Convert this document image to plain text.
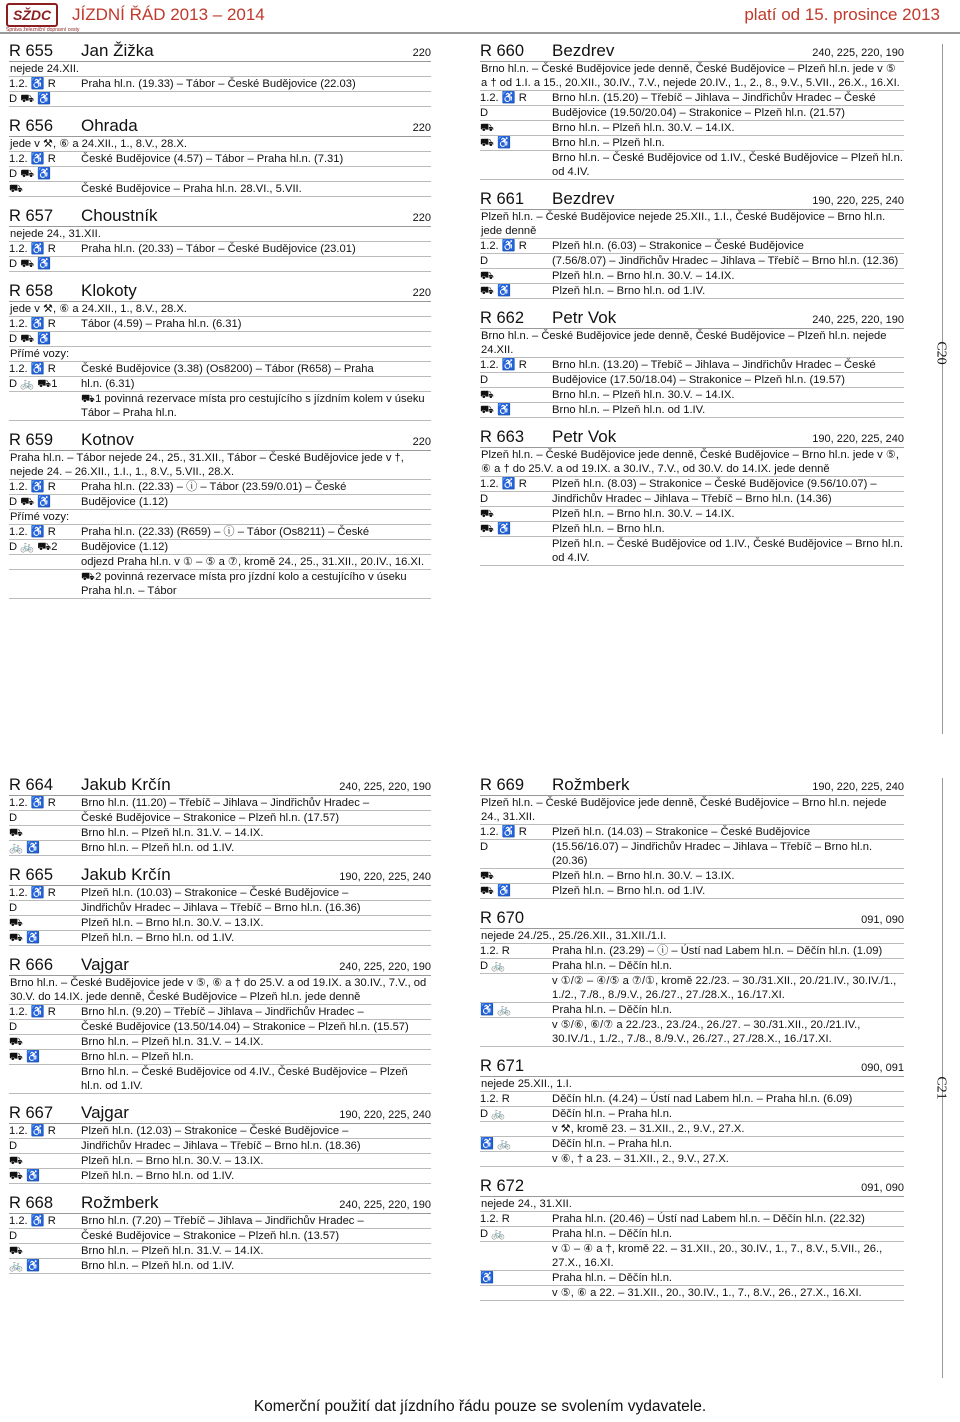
SŽDC
Správa železniční dopravní cesty
JÍZDNÍ ŘÁD 2013 – 2014	platí od 15. prosince 2013
R 655	Jan Žižka	220
nejede 24.XII.
1.2. ♿ R	Praha hl.n. (19.33) – Tábor – České Budějovice (22.03)
D ⛟ ♿
R 656	Ohrada	220
jede v ⚒, ⑥ a 24.XII., 1., 8.V., 28.X.
1.2. ♿ R	České Budějovice (4.57) – Tábor – Praha hl.n. (7.31)
D ⛟ ♿
⛟	České Budějovice – Praha hl.n. 28.VI., 5.VII.
R 657	Choustník	220
nejede 24., 31.XII.
1.2. ♿ R	Praha hl.n. (20.33) – Tábor – České Budějovice (23.01)
D ⛟ ♿
R 658	Klokoty	220
jede v ⚒, ⑥ a 24.XII., 1., 8.V., 28.X.
1.2. ♿ R	Tábor (4.59) – Praha hl.n. (6.31)
D ⛟ ♿
Přímé vozy:
1.2. ♿ R	České Budějovice (3.38) (Os8200) – Tábor (R658) – Praha
D 🚲 ⛟1	hl.n. (6.31)
⛟1 povinná rezervace místa pro cestujícího s jízdním kolem v úseku Tábor – Praha hl.n.
R 659	Kotnov	220
Praha hl.n. – Tábor nejede 24., 25., 31.XII., Tábor – České Budějovice jede v †, nejede 24. – 26.XII., 1.I., 1., 8.V., 5.VII., 28.X.
1.2. ♿ R	Praha hl.n. (22.33) – ⓘ – Tábor (23.59/0.01) – České
D ⛟ ♿	Budějovice (1.12)
Přímé vozy:
1.2. ♿ R	Praha hl.n. (22.33) (R659) – ⓘ – Tábor (Os8211) – České
D 🚲 ⛟2	Budějovice (1.12)
odjezd Praha hl.n. v ① – ⑤ a ⑦, kromě 24., 25., 31.XII., 20.IV., 16.XI.
⛟2 povinná rezervace místa pro jízdní kolo a cestujícího v úseku Praha hl.n. – Tábor
R 660	Bezdrev	240, 225, 220, 190
Brno hl.n. – České Budějovice jede denně, České Budějovice – Plzeň hl.n. jede v ⑤ a † od 1.I. a 15., 20.XII., 30.IV., 7.V., nejede 20.IV., 1., 2., 8., 9.V., 5.VII., 26.X., 16.XI.
1.2. ♿ R	Brno hl.n. (15.20) – Třebíč – Jihlava – Jindřichův Hradec – České
D	Budějovice (19.50/20.04) – Strakonice – Plzeň hl.n. (21.57)
⛟	Brno hl.n. – Plzeň hl.n. 30.V. – 14.IX.
⛟ ♿	Brno hl.n. – Plzeň hl.n.
Brno hl.n. – České Budějovice od 1.IV., České Budějovice – Plzeň hl.n. od 4.IV.
R 661	Bezdrev	190, 220, 225, 240
Plzeň hl.n. – České Budějovice nejede 25.XII., 1.I., České Budějovice – Brno hl.n. jede denně
1.2. ♿ R	Plzeň hl.n. (6.03) – Strakonice – České Budějovice
D	(7.56/8.07) – Jindřichův Hradec – Jihlava – Třebíč – Brno hl.n. (12.36)
⛟	Plzeň hl.n. – Brno hl.n. 30.V. – 14.IX.
⛟ ♿	Plzeň hl.n. – Brno hl.n. od 1.IV.
R 662	Petr Vok	240, 225, 220, 190
Brno hl.n. – České Budějovice jede denně, České Budějovice – Plzeň hl.n. nejede 24.XII.
1.2. ♿ R	Brno hl.n. (13.20) – Třebíč – Jihlava – Jindřichův Hradec – České
D	Budějovice (17.50/18.04) – Strakonice – Plzeň hl.n. (19.57)
⛟	Brno hl.n. – Plzeň hl.n. 30.V. – 14.IX.
⛟ ♿	Brno hl.n. – Plzeň hl.n. od 1.IV.
R 663	Petr Vok	190, 220, 225, 240
Plzeň hl.n. – České Budějovice jede denně, České Budějovice – Brno hl.n. jede v ⑤, ⑥ a † do 25.V. a od 19.IX. a 30.IV., 7.V., od 30.V. do 14.IX. jede denně
1.2. ♿ R	Plzeň hl.n. (8.03) – Strakonice – České Budějovice (9.56/10.07) –
D	Jindřichův Hradec – Jihlava – Třebíč – Brno hl.n. (14.36)
⛟	Plzeň hl.n. – Brno hl.n. 30.V. – 14.IX.
⛟ ♿	Plzeň hl.n. – Brno hl.n.
Plzeň hl.n. – České Budějovice od 1.IV., České Budějovice – Brno hl.n. od 4.IV.
R 664	Jakub Krčín	240, 225, 220, 190
1.2. ♿ R	Brno hl.n. (11.20) – Třebíč – Jihlava – Jindřichův Hradec –
D	České Budějovice – Strakonice – Plzeň hl.n. (17.57)
⛟	Brno hl.n. – Plzeň hl.n. 31.V. – 14.IX.
🚲 ♿	Brno hl.n. – Plzeň hl.n. od 1.IV.
R 665	Jakub Krčín	190, 220, 225, 240
1.2. ♿ R	Plzeň hl.n. (10.03) – Strakonice – České Budějovice –
D	Jindřichův Hradec – Jihlava – Třebíč – Brno hl.n. (16.36)
⛟	Plzeň hl.n. – Brno hl.n. 30.V. – 13.IX.
⛟ ♿	Plzeň hl.n. – Brno hl.n. od 1.IV.
R 666	Vajgar	240, 225, 220, 190
Brno hl.n. – České Budějovice jede v ⑤, ⑥ a † do 25.V. a od 19.IX. a 30.IV., 7.V., od 30.V. do 14.IX. jede denně, České Budějovice – Plzeň hl.n. jede denně
1.2. ♿ R	Brno hl.n. (9.20) – Třebíč – Jihlava – Jindřichův Hradec –
D	České Budějovice (13.50/14.04) – Strakonice – Plzeň hl.n. (15.57)
⛟	Brno hl.n. – Plzeň hl.n. 31.V. – 14.IX.
⛟ ♿	Brno hl.n. – Plzeň hl.n.
Brno hl.n. – České Budějovice od 4.IV., České Budějovice – Plzeň hl.n. od 1.IV.
R 667	Vajgar	190, 220, 225, 240
1.2. ♿ R	Plzeň hl.n. (12.03) – Strakonice – České Budějovice –
D	Jindřichův Hradec – Jihlava – Třebíč – Brno hl.n. (18.36)
⛟	Plzeň hl.n. – Brno hl.n. 30.V. – 13.IX.
⛟ ♿	Plzeň hl.n. – Brno hl.n. od 1.IV.
R 668	Rožmberk	240, 225, 220, 190
1.2. ♿ R	Brno hl.n. (7.20) – Třebíč – Jihlava – Jindřichův Hradec –
D	České Budějovice – Strakonice – Plzeň hl.n. (13.57)
⛟	Brno hl.n. – Plzeň hl.n. 31.V. – 14.IX.
🚲 ♿	Brno hl.n. – Plzeň hl.n. od 1.IV.
R 669	Rožmberk	190, 220, 225, 240
Plzeň hl.n. – České Budějovice jede denně, České Budějovice – Brno hl.n. nejede 24., 31.XII.
1.2. ♿ R	Plzeň hl.n. (14.03) – Strakonice – České Budějovice
D	(15.56/16.07) – Jindřichův Hradec – Jihlava – Třebíč – Brno hl.n. (20.36)
⛟	Plzeň hl.n. – Brno hl.n. 30.V. – 13.IX.
⛟ ♿	Plzeň hl.n. – Brno hl.n. od 1.IV.
R 670	091, 090
nejede 24./25., 25./26.XII., 31.XII./1.I.
1.2. R	Praha hl.n. (23.29) – ⓘ – Ústí nad Labem hl.n. – Děčín hl.n. (1.09)
D 🚲	Praha hl.n. – Děčín hl.n.
v ①/② – ④/⑤ a ⑦/①, kromě 22./23. – 30./31.XII., 20./21.IV., 30.IV./1., 1./2., 7./8., 8./9.V., 26./27., 27./28.X., 16./17.XI.
♿ 🚲	Praha hl.n. – Děčín hl.n.
v ⑤/⑥, ⑥/⑦ a 22./23., 23./24., 26./27. – 30./31.XII., 20./21.IV., 30.IV./1., 1./2., 7./8., 8./9.V., 26./27., 27./28.X., 16./17.XI.
R 671	090, 091
nejede 25.XII., 1.I.
1.2. R	Děčín hl.n. (4.24) – Ústí nad Labem hl.n. – Praha hl.n. (6.09)
D 🚲	Děčín hl.n. – Praha hl.n.
v ⚒, kromě 23. – 31.XII., 2., 9.V., 27.X.
♿ 🚲	Děčín hl.n. – Praha hl.n.
v ⑥, † a 23. – 31.XII., 2., 9.V., 27.X.
R 672	091, 090
nejede 24., 31.XII.
1.2. R	Praha hl.n. (20.46) – Ústí nad Labem hl.n. – Děčín hl.n. (22.32)
D 🚲	Praha hl.n. – Děčín hl.n.
v ① – ④ a †, kromě 22. – 31.XII., 20., 30.IV., 1., 7., 8.V., 5.VII., 26., 27.X., 16.XI.
♿	Praha hl.n. – Děčín hl.n.
v ⑤, ⑥ a 22. – 31.XII., 20., 30.IV., 1., 7., 8.V., 26., 27.X., 16.XI.
C20
C21
Komerční použití dat jízdního řádu pouze se svolením vydavatele.
